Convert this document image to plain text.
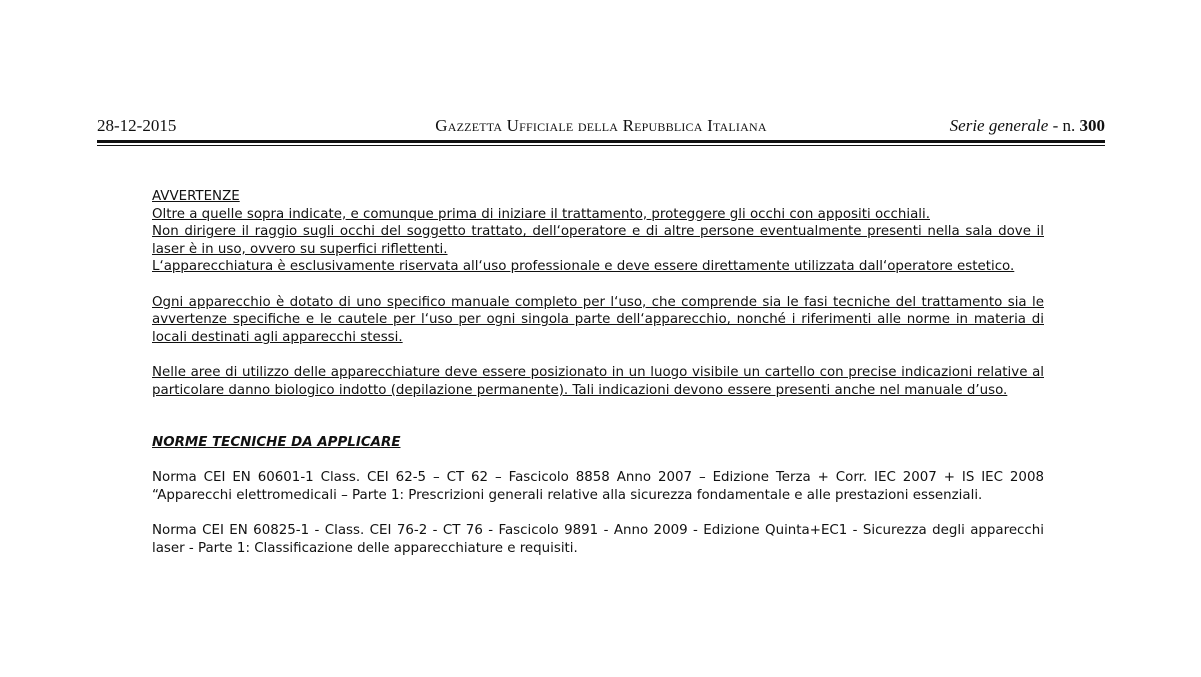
28-12-2015	Gazzetta Ufficiale della Repubblica Italiana	Serie generale - n. 300

AVVERTENZE

Oltre a quelle sopra indicate, e comunque prima di iniziare il trattamento, proteggere gli occhi con appositi occhiali.

Non dirigere il raggio sugli occhi del soggetto trattato, dell‘operatore e di altre persone eventualmente presenti nella sala dove il laser è in uso, ovvero su superfici riflettenti.

L‘apparecchiatura è esclusivamente riservata all‘uso professionale e deve essere direttamente utilizzata dall‘operatore estetico.

Ogni apparecchio è dotato di uno specifico manuale completo per l‘uso, che comprende sia le fasi tecniche del trattamento sia le avvertenze specifiche e le cautele per l‘uso per ogni singola parte dell‘apparecchio, nonché i riferimenti alle norme in materia di locali destinati agli apparecchi stessi.

Nelle aree di utilizzo delle apparecchiature deve essere posizionato in un luogo visibile un cartello con precise indicazioni relative al particolare danno biologico indotto (depilazione permanente). Tali indicazioni devono essere presenti anche nel manuale d’uso.

NORME TECNICHE DA APPLICARE

Norma CEI EN 60601-1 Class. CEI 62-5 – CT 62 – Fascicolo 8858 Anno 2007 – Edizione Terza + Corr. IEC 2007 + IS IEC 2008 “Apparecchi elettromedicali – Parte 1: Prescrizioni generali relative alla sicurezza fondamentale e alle prestazioni essenziali.

Norma CEI EN 60825-1 - Class. CEI 76-2 - CT 76 - Fascicolo 9891 - Anno 2009 - Edizione Quinta+EC1 - Sicurezza degli apparecchi laser - Parte 1: Classificazione delle apparecchiature e requisiti.
